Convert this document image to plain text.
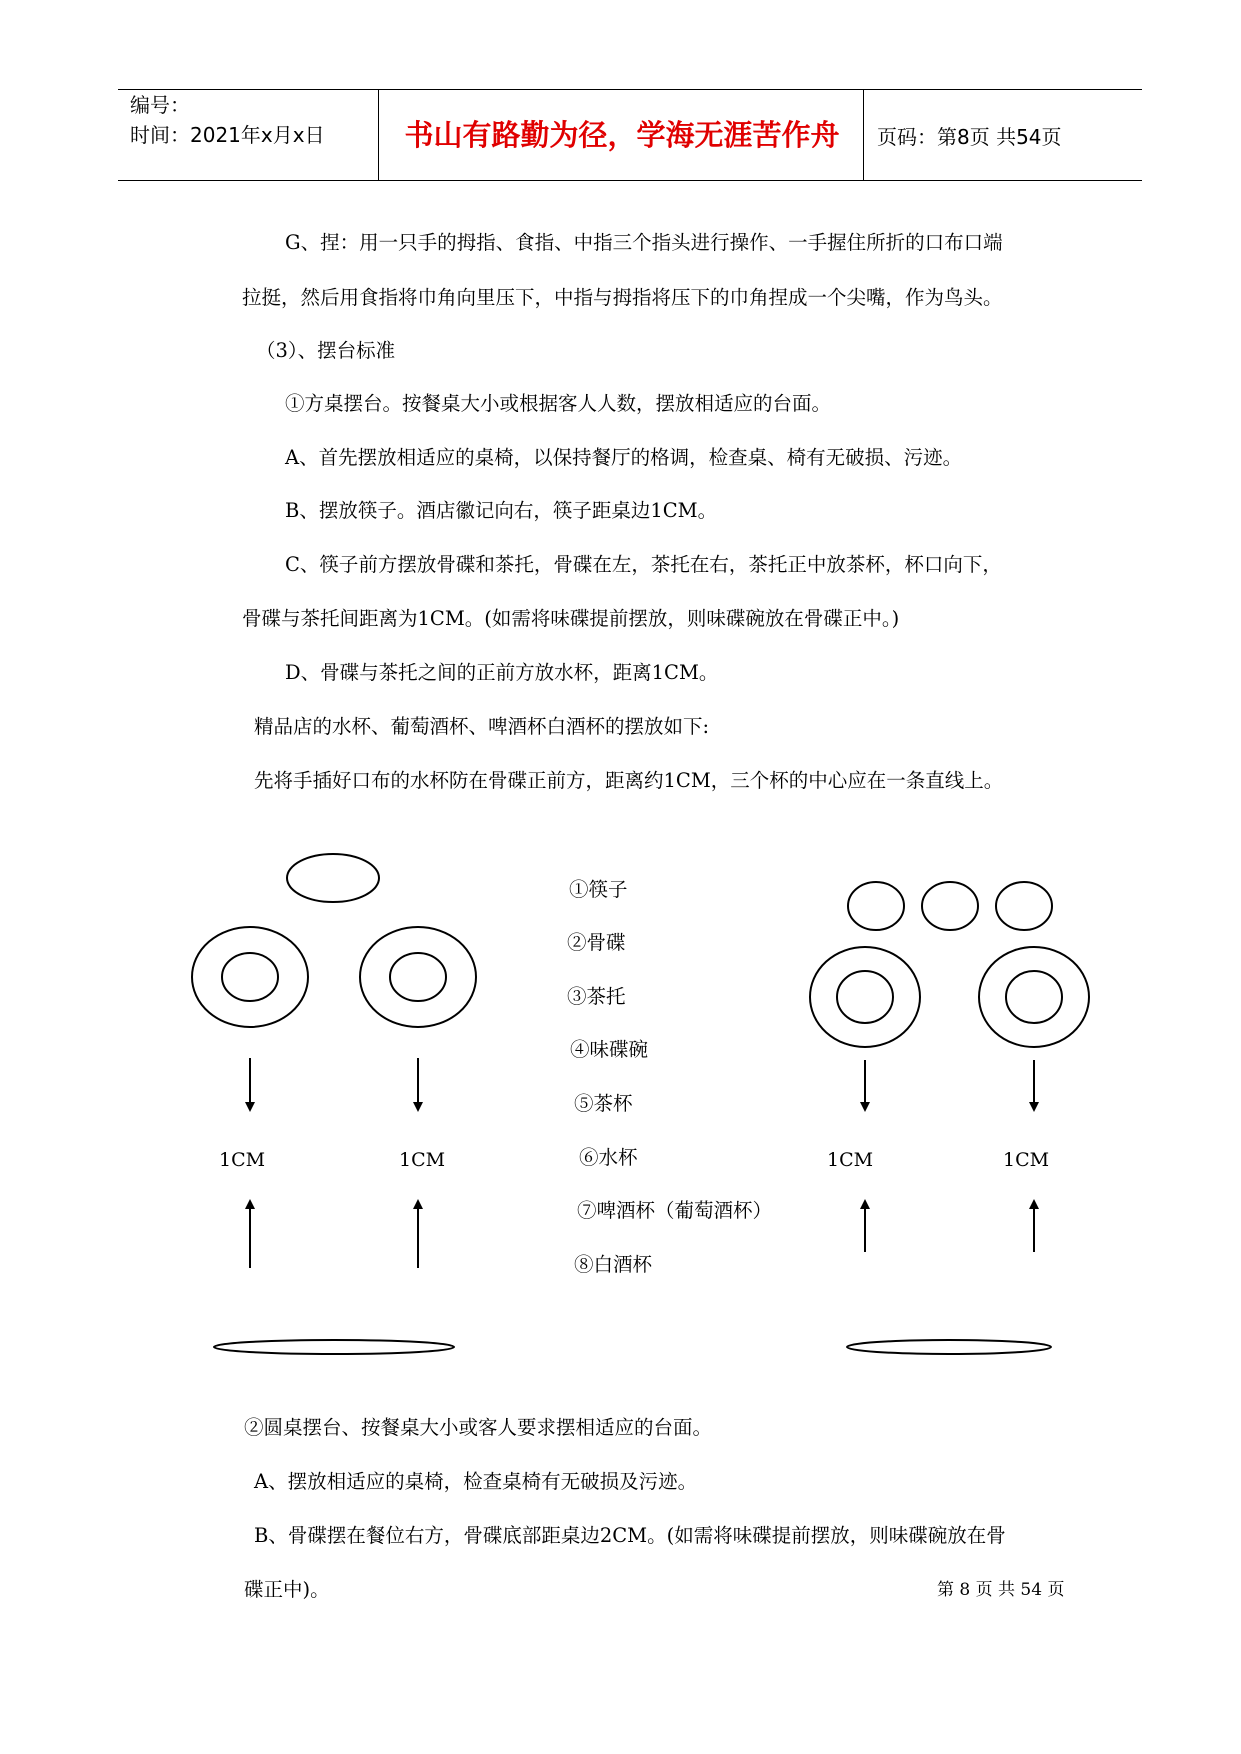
编号：
时间：2021年x月x日	书山有路勤为径，学海无涯苦作舟	页码：第8页 共54页
G、捏：用一只手的拇指、食指、中指三个指头进行操作、一手握住所折的口布口端
拉挺，然后用食指将巾角向里压下，中指与拇指将压下的巾角捏成一个尖嘴，作为鸟头。
（3）、摆台标准
①方桌摆台。按餐桌大小或根据客人人数，摆放相适应的台面。
A、首先摆放相适应的桌椅，以保持餐厅的格调，检查桌、椅有无破损、污迹。
B、摆放筷子。酒店徽记向右，筷子距桌边1CM。
C、筷子前方摆放骨碟和茶托，骨碟在左，茶托在右，茶托正中放茶杯，杯口向下，
骨碟与茶托间距离为1CM。(如需将味碟提前摆放，则味碟碗放在骨碟正中。)
D、骨碟与茶托之间的正前方放水杯，距离1CM。
精品店的水杯、葡萄酒杯、啤酒杯白酒杯的摆放如下:
先将手插好口布的水杯防在骨碟正前方，距离约1CM，三个杯的中心应在一条直线上。
1CM	1CM	1CM	1CM
①筷子
②骨碟
③茶托
④味碟碗
⑤茶杯
⑥水杯
⑦啤酒杯（葡萄酒杯）
⑧白酒杯
②圆桌摆台、按餐桌大小或客人要求摆相适应的台面。
A、摆放相适应的桌椅，检查桌椅有无破损及污迹。
B、骨碟摆在餐位右方，骨碟底部距桌边2CM。(如需将味碟提前摆放，则味碟碗放在骨
碟正中)。	第 8 页 共 54 页
